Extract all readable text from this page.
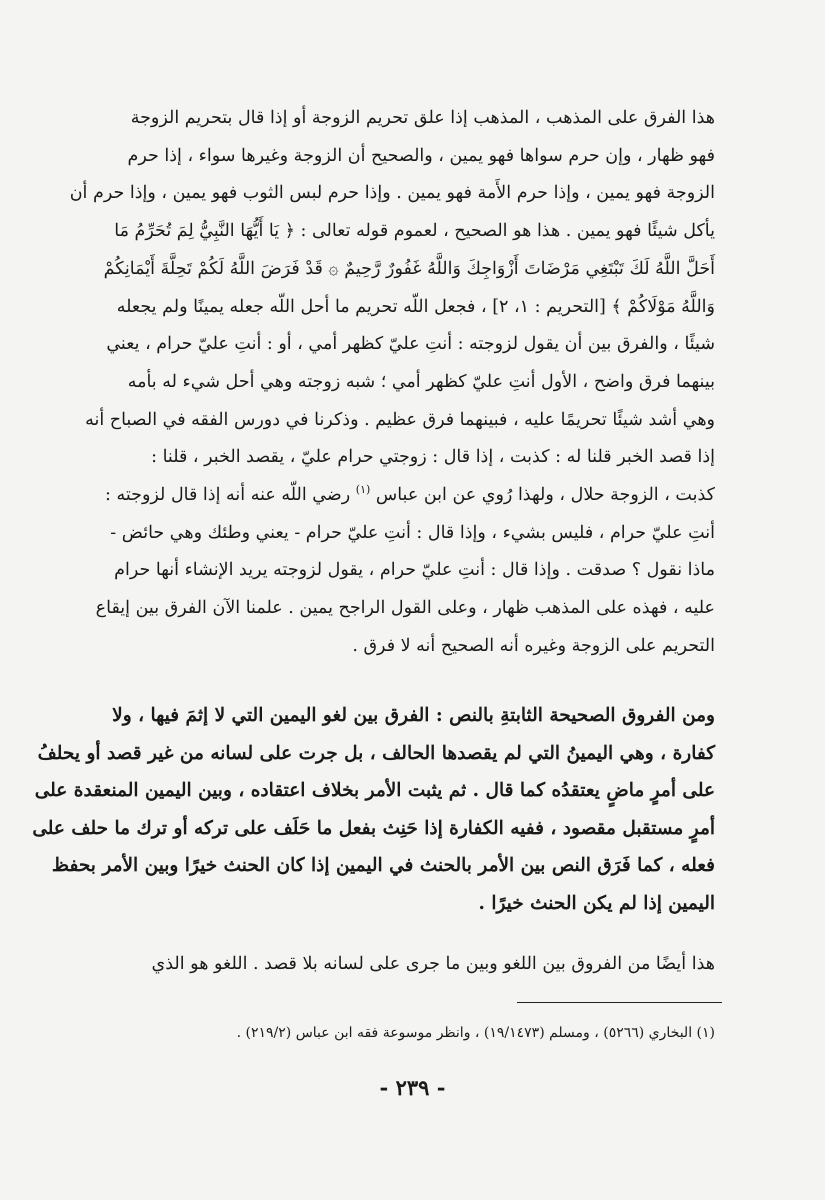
هذا الفرق على المذهب ، المذهب إذا علق تحريم الزوجة أو إذا قال بتحريم الزوجة
فهو ظهار ، وإن حرم سواها فهو يمين ، والصحيح أن الزوجة وغيرها سواء ، إذا حرم
الزوجة فهو يمين ، وإذا حرم الأَمة فهو يمين . وإذا حرم لبس الثوب فهو يمين ، وإذا حرم أن
يأكل شيئًا فهو يمين . هذا هو الصحيح ، لعموم قوله تعالى : ﴿ يَا أَيُّهَا النَّبِيُّ لِمَ تُحَرِّمُ مَا
أَحَلَّ اللَّهُ لَكَ تَبْتَغِي مَرْضَاتَ أَزْوَاجِكَ وَاللَّهُ غَفُورٌ رَّحِيمٌ ۞ قَدْ فَرَضَ اللَّهُ لَكُمْ تَحِلَّةَ أَيْمَانِكُمْ
وَاللَّهُ مَوْلَاكُمْ ﴾ [التحريم : ١، ٢] ، فجعل اللّه تحريم ما أحل اللّه جعله يمينًا ولم يجعله
شيئًا ، والفرق بين أن يقول لزوجته : أنتِ عليّ كظهر أمي ، أو : أنتِ عليّ حرام ، يعني
بينهما فرق واضح ، الأول أنتِ عليّ كظهر أمي ؛ شبه زوجته وهي أحل شيء له بأمه
وهي أشد شيئًا تحريمًا عليه ، فبينهما فرق عظيم . وذكرنا في دورس الفقه في الصباح أنه
إذا قصد الخبر قلنا له : كذبت ، إذا قال : زوجتي حرام عليّ ، يقصد الخبر ، قلنا :
كذبت ، الزوجة حلال ، ولهذا رُوي عن ابن عباس $^{(١)}$ رضي اللّه عنه أنه إذا قال لزوجته :
أنتِ عليّ حرام ، فليس بشيء ، وإذا قال : أنتِ عليّ حرام - يعني وطئك وهي حائض -
ماذا نقول ؟ صدقت . وإذا قال : أنتِ عليّ حرام ، يقول لزوجته يريد الإنشاء أنها حرام
عليه ، فهذه على المذهب ظهار ، وعلى القول الراجح يمين . علمنا الآن الفرق بين إيقاع
التحريم على الزوجة وغيره أنه الصحيح أنه لا فرق .
ومن الفروق الصحيحة الثابتةِ بالنص : الفرق بين لغو اليمين التي لا إثمَ فيها ، ولا
كفارة ، وهي اليمينُ التي لم يقصدها الحالف ، بل جرت على لسانه من غير قصد أو يحلفُ
على أمرٍ ماضٍ يعتقدُه كما قال . ثم يثبت الأمر بخلاف اعتقاده ، وبين اليمين المنعقدة على
أمرٍ مستقبل مقصود ، ففيه الكفارة إذا حَنِث بفعل ما حَلَف على تركه أو ترك ما حلف على
فعله ، كما فَرَق النص بين الأمر بالحنث في اليمين إذا كان الحنث خيرًا وبين الأمر بحفظ
اليمين إذا لم يكن الحنث خيرًا .
هذا أيضًا من الفروق بين اللغو وبين ما جرى على لسانه بلا قصد . اللغو هو الذي
(١) البخاري (٥٢٦٦) ، ومسلم (١٩/١٤٧٣) ، وانظر موسوعة فقه ابن عباس (٢١٩/٢) .
- ٢٣٩ -
